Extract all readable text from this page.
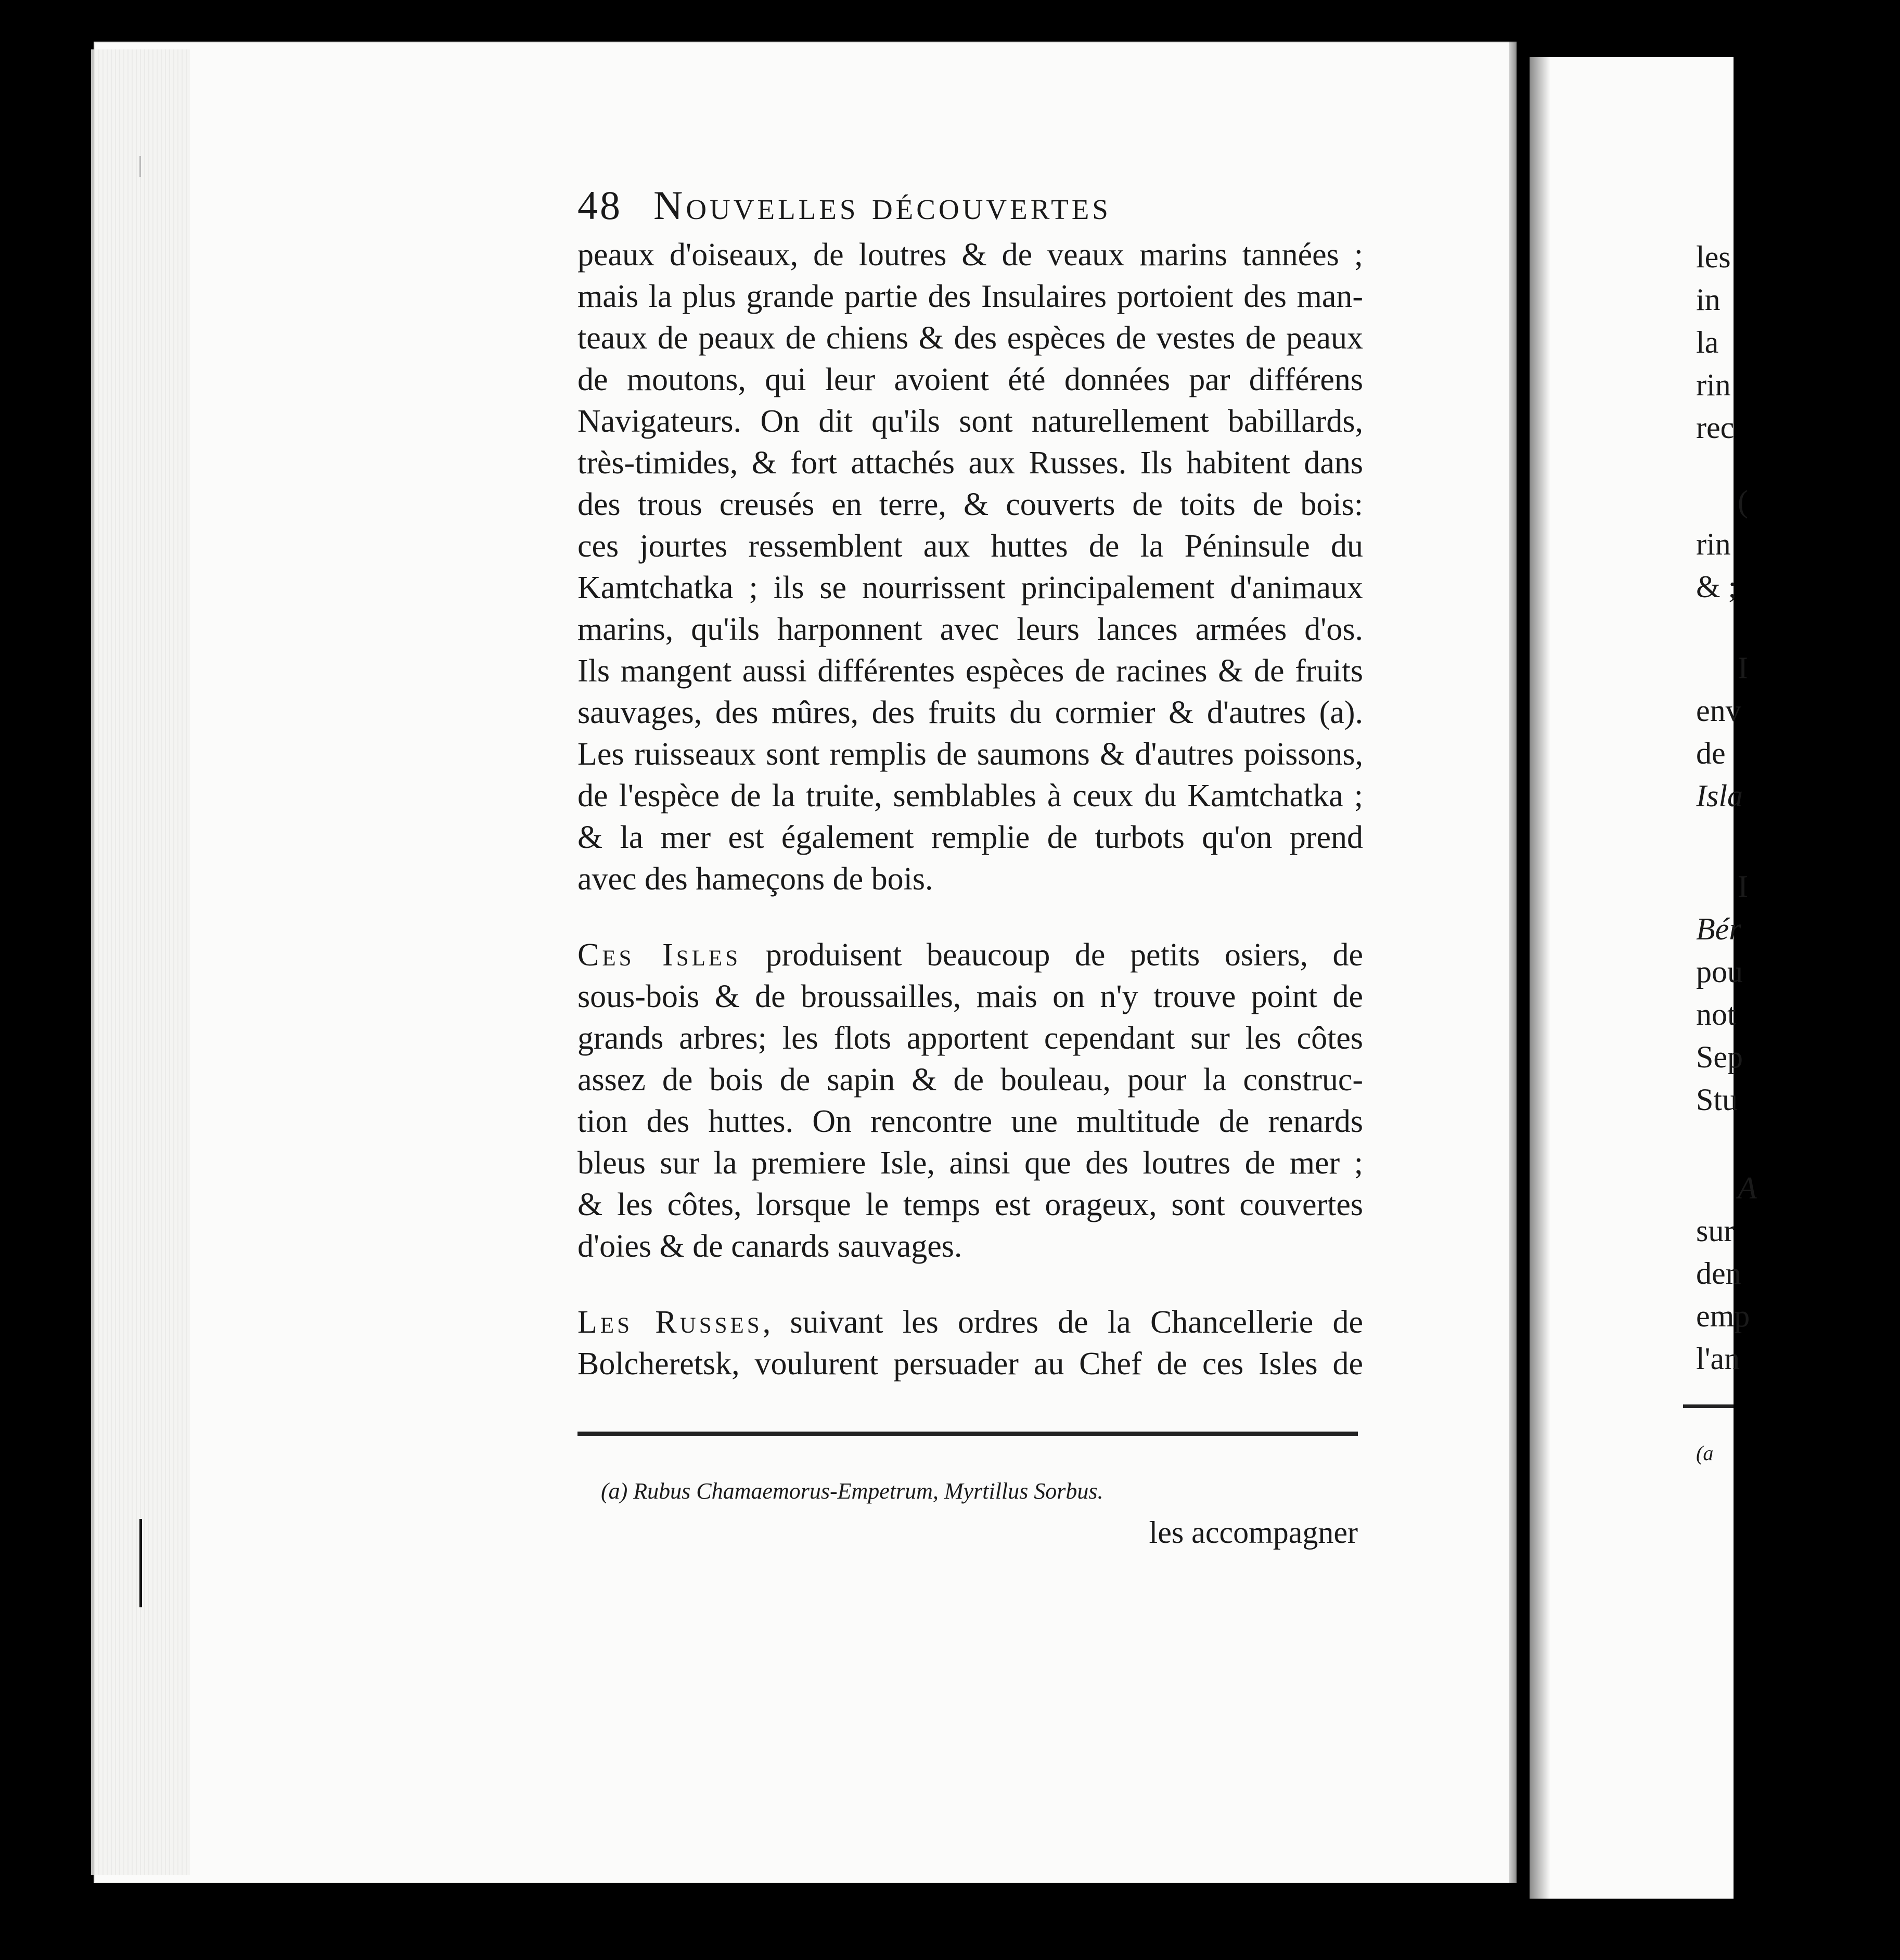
les
in
la
rin
rec
(
rin
& ;
I
env
de
Isla
I
Bér
pou
not
Sep
Stu
A
sur
den
emp
l'an
(a
48 Nouvelles découvertes
peaux d'oiseaux, de loutres & de veaux marins tannées ;
mais la plus grande partie des Insulaires portoient des man-
teaux de peaux de chiens & des espèces de vestes de peaux
de moutons, qui leur avoient été données par différens
Navigateurs. On dit qu'ils sont naturellement babillards,
très-timides, & fort attachés aux Russes. Ils habitent dans
des trous creusés en terre, & couverts de toits de bois:
ces jourtes ressemblent aux huttes de la Péninsule du
Kamtchatka ; ils se nourrissent principalement d'animaux
marins, qu'ils harponnent avec leurs lances armées d'os.
Ils mangent aussi différentes espèces de racines & de fruits
sauvages, des mûres, des fruits du cormier & d'autres (a).
Les ruisseaux sont remplis de saumons & d'autres poissons,
de l'espèce de la truite, semblables à ceux du Kamtchatka ;
& la mer est également remplie de turbots qu'on prend
avec des hameçons de bois.
Ces Isles produisent beaucoup de petits osiers, de
sous-bois & de broussailles, mais on n'y trouve point de
grands arbres; les flots apportent cependant sur les côtes
assez de bois de sapin & de bouleau, pour la construc-
tion des huttes. On rencontre une multitude de renards
bleus sur la premiere Isle, ainsi que des loutres de mer ;
& les côtes, lorsque le temps est orageux, sont couvertes
d'oies & de canards sauvages.
Les Russes, suivant les ordres de la Chancellerie de
Bolcheretsk, voulurent persuader au Chef de ces Isles de
(a) Rubus Chamaemorus-Empetrum, Myrtillus Sorbus.
les accompagner
